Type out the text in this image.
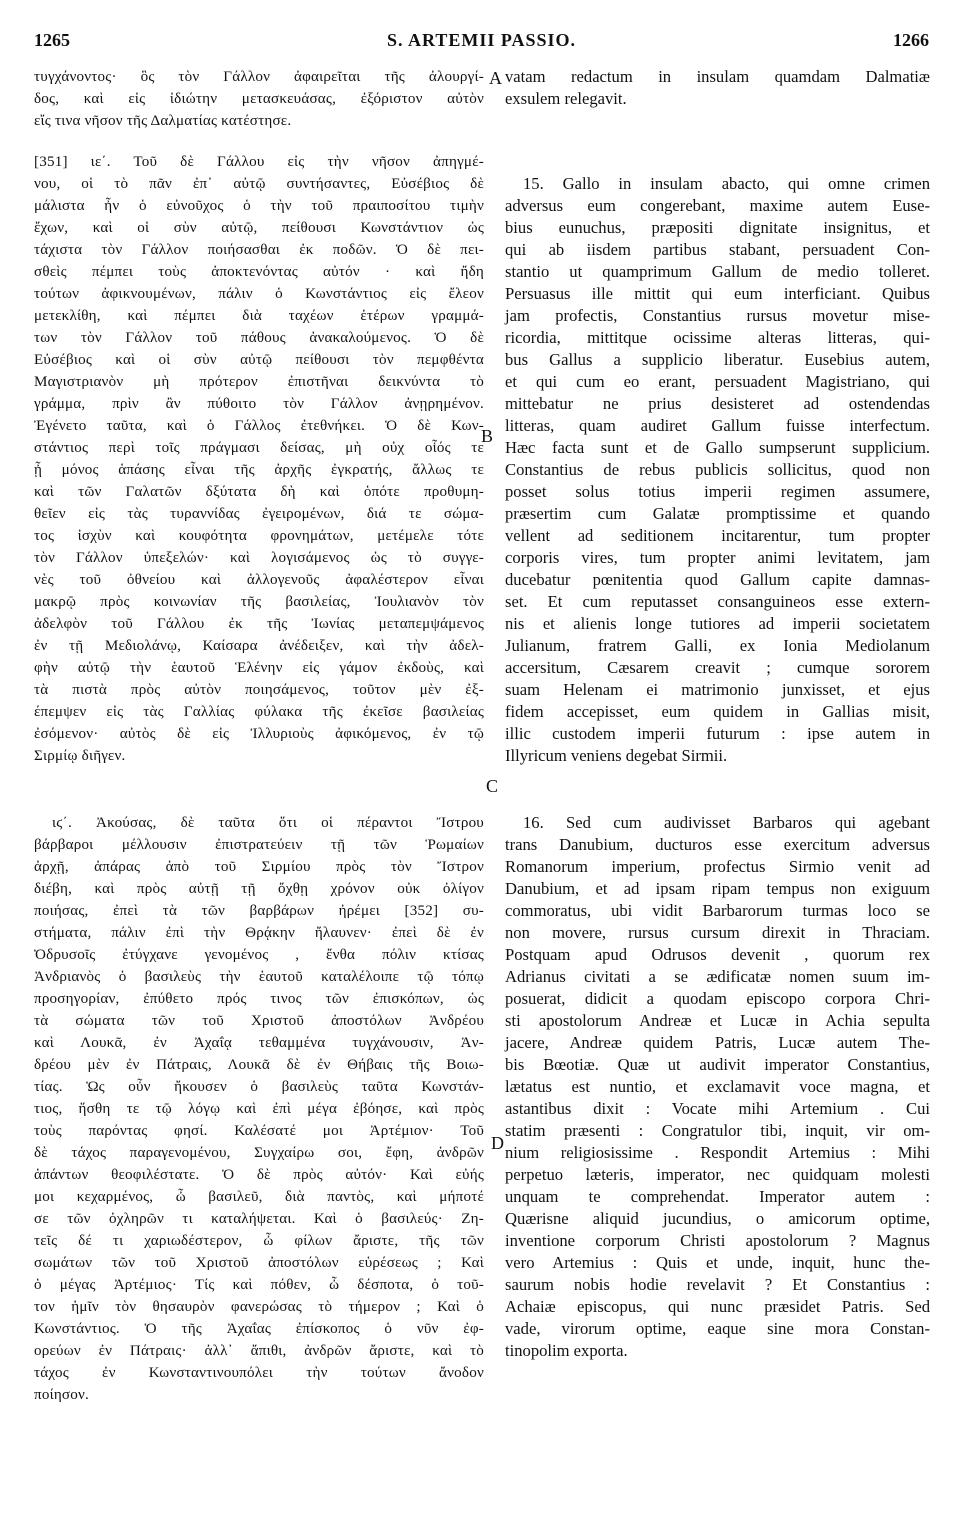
1265	S. ARTEMII PASSIO.	1266
τυγχάνοντος· ὃς τὸν Γάλλον ἀφαιρεῖται τῆς ἀλουργί-
δος, καὶ εἰς ἰδιώτην μετασκευάσας, ἐξόριστον αὐτὸν
εἴς τινα νῆσον τῆς Δαλματίας κατέστησε.
[351] ιε΄. Τοῦ δὲ Γάλλου εἰς τὴν νῆσον ἀπηγμέ-
νου, οἱ τὸ πᾶν ἐπ᾽ αὐτῷ συντήσαντες, Εὐσέβιος δὲ
μάλιστα ἦν ὁ εὐνοῦχος ὁ τὴν τοῦ πραιποσίτου τιμὴν
ἔχων, καὶ οἱ σὺν αὐτῷ, πείθουσι Κωνστάντιον ὡς
τάχιστα τὸν Γάλλον ποιήσασθαι ἐκ ποδῶν. Ὁ δὲ πει-
σθεὶς πέμπει τοὺς ἀποκτενόντας αὐτόν · καὶ ἤδη
τούτων ἀφικνουμένων, πάλιν ὁ Κωνστάντιος εἰς ἔλεον
μετεκλίθη, καὶ πέμπει διὰ ταχέων ἑτέρων γραμμά-
των τὸν Γάλλον τοῦ πάθους ἀνακαλούμενος. Ὁ δὲ
Εὐσέβιος καὶ οἱ σὺν αὐτῷ πείθουσι τὸν πεμφθέντα
Μαγιστριανὸν μὴ πρότερον ἐπιστῆναι δεικνύντα τὸ
γράμμα, πρὶν ἂν πύθοιτο τὸν Γάλλον ἀνῃρημένον.
Ἐγένετο ταῦτα, καὶ ὁ Γάλλος ἐτεθνήκει. Ὁ δὲ Κων-
στάντιος περὶ τοῖς πράγμασι δείσας, μὴ οὐχ οἷός τε
ᾖ μόνος ἁπάσης εἶναι τῆς ἀρχῆς ἐγκρατής, ἄλλως τε
καὶ τῶν Γαλατῶν δξύτατα δὴ καὶ ὁπότε προθυμη-
θεῖεν εἰς τὰς τυραννίδας ἐγειρομένων, διά τε σώμα-
τος ἰσχὺν καὶ κουφότητα φρονημάτων, μετέμελε τότε
τὸν Γάλλον ὑπεξελών· καὶ λογισάμενος ὡς τὸ συγγε-
νὲς τοῦ ὀθνείου καὶ ἀλλογενοῦς ἀφαλέστερον εἶναι
μακρῷ πρὸς κοινωνίαν τῆς βασιλείας, Ἰουλιανὸν τὸν
ἀδελφὸν τοῦ Γάλλου ἐκ τῆς Ἰωνίας μεταπεμψάμενος
ἐν τῇ Μεδιολάνῳ, Καίσαρα ἀνέδειξεν, καὶ τὴν ἀδελ-
φὴν αὐτῷ τὴν ἑαυτοῦ Ἑλένην εἰς γάμον ἐκδοὺς, καὶ
τὰ πιστὰ πρὸς αὐτὸν ποιησάμενος, τοῦτον μὲν ἐξ-
έπεμψεν εἰς τὰς Γαλλίας φύλακα τῆς ἐκεῖσε βασιλείας
ἐσόμενον· αὐτὸς δὲ εἰς Ἰλλυριοὺς ἀφικόμενος, ἐν τῷ
Σιρμίῳ διῆγεν.
ιϛ΄. Ἀκούσας, δὲ ταῦτα ὅτι οἱ πέραντοι Ἴστρου
βάρβαροι μέλλουσιν ἐπιστρατεύειν τῇ τῶν Ῥωμαίων
ἀρχῇ, ἀπάρας ἀπὸ τοῦ Σιρμίου πρὸς τὸν Ἴστρον
διέβη, καὶ πρὸς αὐτῇ τῇ ὄχθῃ χρόνον οὐκ ὀλίγον
ποιήσας, ἐπεὶ τὰ τῶν βαρβάρων ἠρέμει [352] συ-
στήματα, πάλιν ἐπὶ τὴν Θρᾴκην ἤλαυνεν· ἐπεὶ δὲ ἐν
Ὀδρυσοῖς ἐτύγχανε γενομένος , ἔνθα πόλιν κτίσας
Ἀνδριανὸς ὁ βασιλεὺς τὴν ἑαυτοῦ καταλέλοιπε τῷ τόπῳ
προσηγορίαν, ἐπύθετο πρός τινος τῶν ἐπισκόπων, ὡς
τὰ σώματα τῶν τοῦ Χριστοῦ ἀποστόλων Ἀνδρέου
καὶ Λουκᾶ, ἐν Ἀχαΐᾳ τεθαμμένα τυγχάνουσιν, Ἀν-
δρέου μὲν ἐν Πάτραις, Λουκᾶ δὲ ἐν Θήβαις τῆς Βοιω-
τίας. Ὡς οὖν ἤκουσεν ὁ βασιλεὺς ταῦτα Κωνστάν-
τιος, ἥσθη τε τῷ λόγῳ καὶ ἐπὶ μέγα ἐβόησε, καὶ πρὸς
τοὺς παρόντας φησί. Καλέσατέ μοι Ἀρτέμιον· Τοῦ
δὲ τάχος παραγενομένου, Συγχαίρω σοι, ἔφη, ἀνδρῶν
ἁπάντων θεοφιλέστατε. Ὁ δὲ πρὸς αὐτόν· Καὶ εὐής
μοι κεχαρμένος, ὦ βασιλεῦ, διὰ παντὸς, καὶ μήποτέ
σε τῶν ὀχληρῶν τι καταλήψεται. Καὶ ὁ βασιλεύς· Ζη-
τεῖς δέ τι χαριωδέστερον, ὦ φίλων ἄριστε, τῆς τῶν
σωμάτων τῶν τοῦ Χριστοῦ ἀποστόλων εὑρέσεως ; Καὶ
ὁ μέγας Ἀρτέμιος· Τίς καὶ πόθεν, ὦ δέσποτα, ὁ τοῦ-
τον ἡμῖν τὸν θησαυρὸν φανερώσας τὸ τήμερον ; Καὶ ὁ
Κωνστάντιος. Ὁ τῆς Ἀχαΐας ἐπίσκοπος ὁ νῦν ἐφ-
ορεύων ἐν Πάτραις· ἀλλ᾽ ἄπιθι, ἀνδρῶν ἄριστε, καὶ τὸ
τάχος ἐν Κωνσταντινουπόλει τὴν τούτων ἄνοδον
ποίησον.
A
B
C
D
vatam redactum in insulam quamdam Dalmatiæ
exsulem relegavit.
15. Gallo in insulam abacto, qui omne crimen
adversus eum congerebant, maxime autem Euse-
bius eunuchus, præpositi dignitate insignitus, et
qui ab iisdem partibus stabant, persuadent Con-
stantio ut quamprimum Gallum de medio tolleret.
Persuasus ille mittit qui eum interficiant. Quibus
jam profectis, Constantius rursus movetur mise-
ricordia, mittitque ocissime alteras litteras, qui-
bus Gallus a supplicio liberatur. Eusebius autem,
et qui cum eo erant, persuadent Magistriano, qui
mittebatur ne prius desisteret ad ostendendas
litteras, quam audiret Gallum fuisse interfectum.
Hæc facta sunt et de Gallo sumpserunt supplicium.
Constantius de rebus publicis sollicitus, quod non
posset solus totius imperii regimen assumere,
præsertim cum Galatæ promptissime et quando
vellent ad seditionem incitarentur, tum propter
corporis vires, tum propter animi levitatem, jam
ducebatur pœnitentia quod Gallum capite damnas-
set. Et cum reputasset consanguineos esse extern-
nis et alienis longe tutiores ad imperii societatem
Julianum, fratrem Galli, ex Ionia Mediolanum
accersitum, Cæsarem creavit ; cumque sororem
suam Helenam ei matrimonio junxisset, et ejus
fidem accepisset, eum quidem in Gallias misit,
illic custodem imperii futurum : ipse autem in
Illyricum veniens degebat Sirmii.
16. Sed cum audivisset Barbaros qui agebant
trans Danubium, ducturos esse exercitum adversus
Romanorum imperium, profectus Sirmio venit ad
Danubium, et ad ipsam ripam tempus non exiguum
commoratus, ubi vidit Barbarorum turmas loco se
non movere, rursus cursum direxit in Thraciam.
Postquam apud Odrusos devenit , quorum rex
Adrianus civitati a se ædificatæ nomen suum im-
posuerat, didicit a quodam episcopo corpora Chri-
sti apostolorum Andreæ et Lucæ in Achia sepulta
jacere, Andreæ quidem Patris, Lucæ autem The-
bis Bœotiæ. Quæ ut audivit imperator Constantius,
lætatus est nuntio, et exclamavit voce magna, et
astantibus dixit : Vocate mihi Artemium . Cui
statim præsenti : Congratulor tibi, inquit, vir om-
nium religiosissime . Respondit Artemius : Mihi
perpetuo læteris, imperator, nec quidquam molesti
unquam te comprehendat. Imperator autem :
Quærisne aliquid jucundius, o amicorum optime,
inventione corporum Christi apostolorum ? Magnus
vero Artemius : Quis et unde, inquit, hunc the-
saurum nobis hodie revelavit ? Et Constantius :
Achaiæ episcopus, qui nunc præsidet Patris. Sed
vade, virorum optime, eaque sine mora Constan-
tinopolim exporta.
